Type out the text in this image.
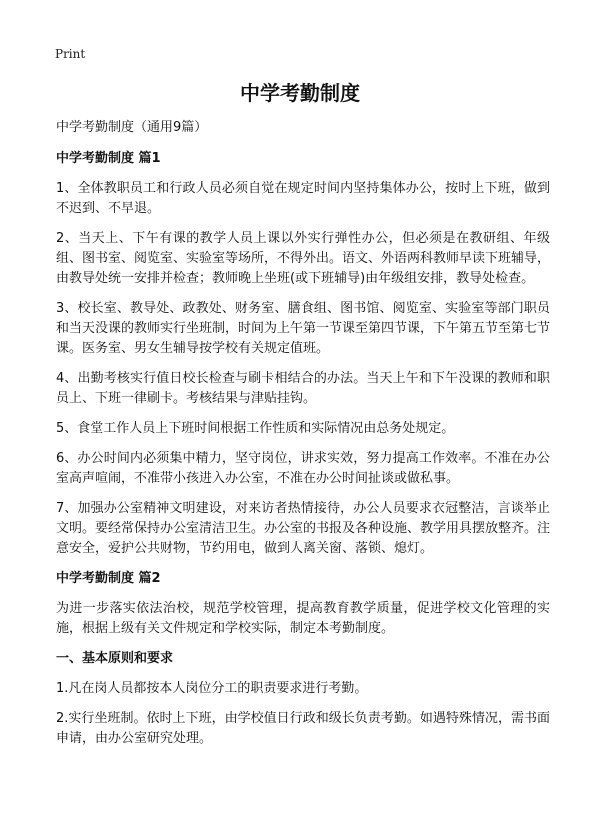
Print
中学考勤制度

中学考勤制度（通用9篇）

中学考勤制度 篇1

1、全体教职员工和行政人员必须自觉在规定时间内坚持集体办公，按时上下班，做到不迟到、不早退。

2、当天上、下午有课的教学人员上课以外实行弹性办公，但必须是在教研组、年级组、图书室、阅览室、实验室等场所，不得外出。语文、外语两科教师早读下班辅导，由教导处统一安排并检查；教师晚上坐班(或下班辅导)由年级组安排，教导处检查。

3、校长室、教导处、政教处、财务室、膳食组、图书馆、阅览室、实验室等部门职员和当天没课的教师实行坐班制，时间为上午第一节课至第四节课，下午第五节至第七节课。医务室、男女生辅导按学校有关规定值班。

4、出勤考核实行值日校长检查与刷卡相结合的办法。当天上午和下午没课的教师和职员上、下班一律刷卡。考核结果与津贴挂钩。

5、食堂工作人员上下班时间根据工作性质和实际情况由总务处规定。

6、办公时间内必须集中精力，坚守岗位，讲求实效，努力提高工作效率。不准在办公室高声喧闹，不准带小孩进入办公室，不准在办公时间扯谈或做私事。

7、加强办公室精神文明建设，对来访者热情接待，办公人员要求衣冠整洁，言谈举止文明。要经常保持办公室清洁卫生。办公室的书报及各种设施、教学用具摆放整齐。注意安全，爱护公共财物，节约用电，做到人离关窗、落锁、熄灯。

中学考勤制度 篇2

为进一步落实依法治校，规范学校管理，提高教育教学质量，促进学校文化管理的实施，根据上级有关文件规定和学校实际，制定本考勤制度。

一、基本原则和要求

1.凡在岗人员都按本人岗位分工的职责要求进行考勤。

2.实行坐班制。依时上下班，由学校值日行政和级长负责考勤。如遇特殊情况，需书面申请，由办公室研究处理。
